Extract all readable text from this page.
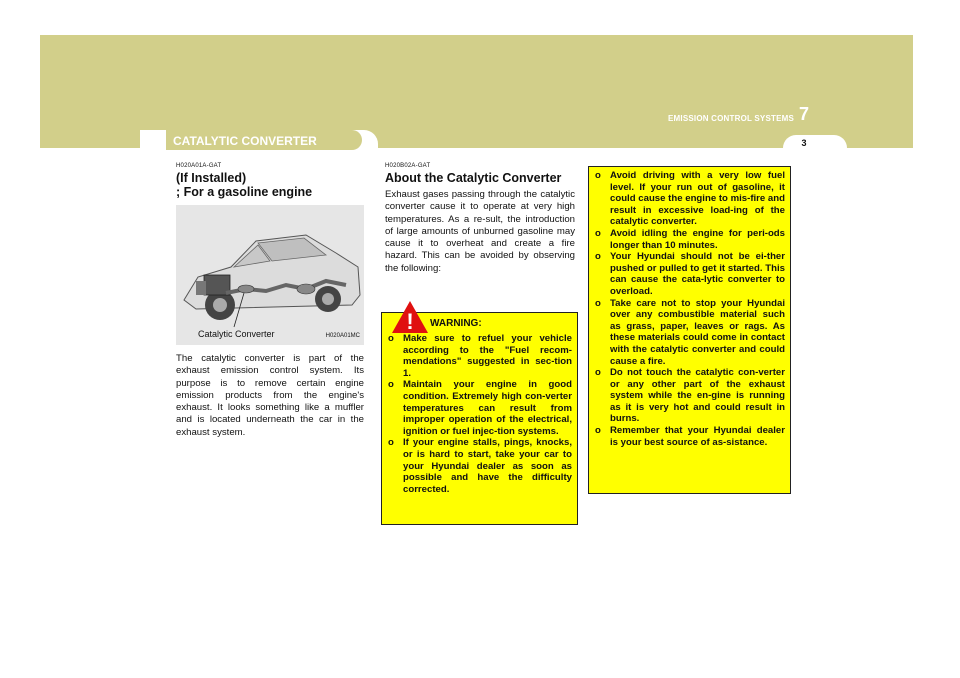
EMISSION CONTROL SYSTEMS 7
3
CATALYTIC CONVERTER
H020A01A-GAT
(If Installed)
; For a gasoline engine
Catalytic Converter	H020A01MC

The catalytic converter is part of the exhaust emission control system. Its purpose is to remove certain engine emission products from the engine's exhaust. It looks something like a muffler and is located underneath the car in the exhaust system.

H020B02A-GAT
About the Catalytic Converter

Exhaust gases passing through the catalytic converter cause it to operate at very high temperatures. As a re-sult, the introduction of large amounts of unburned gasoline may cause it to overheat and create a fire hazard. This can be avoided by observing the following:

! WARNING:
o Make sure to refuel your vehicle according to the "Fuel recom-mendations" suggested in sec-tion 1.
o Maintain your engine in good condition. Extremely high con-verter temperatures can result from improper operation of the electrical, ignition or fuel injec-tion systems.
o If your engine stalls, pings, knocks, or is hard to start, take your car to your Hyundai dealer as soon as possible and have the difficulty corrected.
o Avoid driving with a very low fuel level. If your run out of gasoline, it could cause the engine to mis-fire and result in excessive load-ing of the catalytic converter.
o Avoid idling the engine for peri-ods longer than 10 minutes.
o Your Hyundai should not be ei-ther pushed or pulled to get it started. This can cause the cata-lytic converter to overload.
o Take care not to stop your Hyundai over any combustible material such as grass, paper, leaves or rags. As these materials could come in contact with the catalytic converter and could cause a fire.
o Do not touch the catalytic con-verter or any other part of the exhaust system while the en-gine is running as it is very hot and could result in burns.
o Remember that your Hyundai dealer is your best source of as-sistance.
